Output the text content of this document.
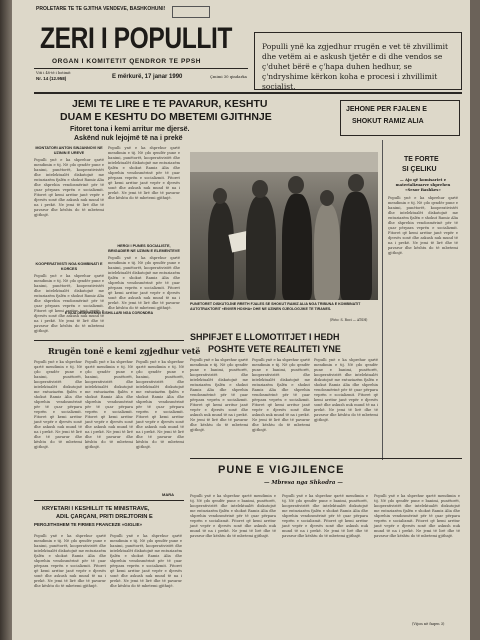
PROLETARE TE TE GJITHA VENDEVE, BASHKOHUNI!
ZERI I POPULLIT
ORGAN I KOMITETIT QENDROR TE PPSH
Viti i 48-të i botimit
Nr. 14 (12.958)	E mërkurë, 17 janar 1990	Çmimi 30 qindarka
Populli ynë ka zgjedhur rrugën e vet të zhvillimit dhe vetëm ai e askush tjetër e di dhe vendos se ç'duhet bërë e ç'hapa duhen hedhur, se ç'ndryshime kërkon koha e procesi i zhvillimit socialist.
JEMI TE LIRE E TE PAVARUR, KESHTU
DUAM E KESHTU DO MBETEMI GJITHNJE
Fitoret tona i kemi arritur me djersë.
Askënd nuk lejojmë të na i prekë
JEHONE PER FJALEN E
SHOKUT RAMIZ ALIA
MONTATORI ANTON SINJANNOVI NE UZININ E UREVE
Populli ynë e ka shprehur qartë mendimin e tij. Në çdo qendër pune e banimi, punëtorët, kooperativistët dhe intelektualët diskutojnë me entuziazëm fjalën e shokut Ramiz Alia dhe shprehin vendosmërinë për të çuar përpara veprën e socializmit. Fitoret që kemi arritur janë vepër e djersës sonë dhe askush nuk mund të na i prekë. Ne jemi të lirë dhe të pavarur dhe kështu do të mbetemi gjithnjë.
KOOPERATIVISTI NGA KOMBINATI E KORCES
Populli ynë e ka shprehur qartë mendimin e tij. Në çdo qendër pune e banimi, punëtorët, kooperativistët dhe intelektualët diskutojnë me entuziazëm fjalën e shokut Ramiz Alia dhe shprehin vendosmërinë për të çuar përpara veprën e socializmit. Fitoret që kemi arritur janë vepër e djersës sonë dhe askush nuk mund të na i prekë. Ne jemi të lirë dhe të pavarur dhe kështu do të mbetemi gjithnjë.
Populli ynë e ka shprehur qartë mendimin e tij. Në çdo qendër pune e banimi, punëtorët, kooperativistët dhe intelektualët diskutojnë me entuziazëm fjalën e shokut Ramiz Alia dhe shprehin vendosmërinë për të çuar përpara veprën e socializmit. Fitoret që kemi arritur janë vepër e djersës sonë dhe askush nuk mund të na i prekë. Ne jemi të lirë dhe të pavarur dhe kështu do të mbetemi gjithnjë.
HEROI I PUNES SOCIALISTE, BRIGADIER NE UZININ E ELEMENTEVE
Populli ynë e ka shprehur qartë mendimin e tij. Në çdo qendër pune e banimi, punëtorët, kooperativistët dhe intelektualët diskutojnë me entuziazëm fjalën e shokut Ramiz Alia dhe shprehin vendosmërinë për të çuar përpara veprën e socializmit. Fitoret që kemi arritur janë vepër e djersës sonë dhe askush nuk mund të na i prekë. Ne jemi të lirë dhe të pavarur dhe kështu do të mbetemi gjithnjë.
E BIJA DEMIRHEMMI KISHILLARI NGA CORONDRA
PUNETORET DISKUTOJNE RRETH FJALES SE SHOKUT RAMIZ ALIA NGA TRIBUNA E KOMBINATIT AUTOTRAKTORIT «ENVER HOXHA» DHE NE UZINEN GJEOLOGJIKE TE TIRANES.
(Foto: S. Roci — ATSH)
TE FORTE
SI ÇELIKU
— Ajo që komisariet e materializuarve shprehen «Sesor Bashkes»
Populli ynë e ka shprehur qartë mendimin e tij. Në çdo qendër pune e banimi, punëtorët, kooperativistët dhe intelektualët diskutojnë me entuziazëm fjalën e shokut Ramiz Alia dhe shprehin vendosmërinë për të çuar përpara veprën e socializmit. Fitoret që kemi arritur janë vepër e djersës sonë dhe askush nuk mund të na i prekë. Ne jemi të lirë dhe të pavarur dhe kështu do të mbetemi gjithnjë.
SHPIFJET E LLOMOTITJET I HEDH
POSHTE VETE REALITETI YNE
Populli ynë e ka shprehur qartë mendimin e tij. Në çdo qendër pune e banimi, punëtorët, kooperativistët dhe intelektualët diskutojnë me entuziazëm fjalën e shokut Ramiz Alia dhe shprehin vendosmërinë për të çuar përpara veprën e socializmit. Fitoret që kemi arritur janë vepër e djersës sonë dhe askush nuk mund të na i prekë. Ne jemi të lirë dhe të pavarur dhe kështu do të mbetemi gjithnjë.
Populli ynë e ka shprehur qartë mendimin e tij. Në çdo qendër pune e banimi, punëtorët, kooperativistët dhe intelektualët diskutojnë me entuziazëm fjalën e shokut Ramiz Alia dhe shprehin vendosmërinë për të çuar përpara veprën e socializmit. Fitoret që kemi arritur janë vepër e djersës sonë dhe askush nuk mund të na i prekë. Ne jemi të lirë dhe të pavarur dhe kështu do të mbetemi gjithnjë.
Populli ynë e ka shprehur qartë mendimin e tij. Në çdo qendër pune e banimi, punëtorët, kooperativistët dhe intelektualët diskutojnë me entuziazëm fjalën e shokut Ramiz Alia dhe shprehin vendosmërinë për të çuar përpara veprën e socializmit. Fitoret që kemi arritur janë vepër e djersës sonë dhe askush nuk mund të na i prekë. Ne jemi të lirë dhe të pavarur dhe kështu do të mbetemi gjithnjë.
Rrugën tonë e kemi zgjedhur vetë
Populli ynë e ka shprehur qartë mendimin e tij. Në çdo qendër pune e banimi, punëtorët, kooperativistët dhe intelektualët diskutojnë me entuziazëm fjalën e shokut Ramiz Alia dhe shprehin vendosmërinë për të çuar përpara veprën e socializmit. Fitoret që kemi arritur janë vepër e djersës sonë dhe askush nuk mund të na i prekë. Ne jemi të lirë dhe të pavarur dhe kështu do të mbetemi gjithnjë.
Populli ynë e ka shprehur qartë mendimin e tij. Në çdo qendër pune e banimi, punëtorët, kooperativistët dhe intelektualët diskutojnë me entuziazëm fjalën e shokut Ramiz Alia dhe shprehin vendosmërinë për të çuar përpara veprën e socializmit. Fitoret që kemi arritur janë vepër e djersës sonë dhe askush nuk mund të na i prekë. Ne jemi të lirë dhe të pavarur dhe kështu do të mbetemi gjithnjë.
Populli ynë e ka shprehur qartë mendimin e tij. Në çdo qendër pune e banimi, punëtorët, kooperativistët dhe intelektualët diskutojnë me entuziazëm fjalën e shokut Ramiz Alia dhe shprehin vendosmërinë për të çuar përpara veprën e socializmit. Fitoret që kemi arritur janë vepër e djersës sonë dhe askush nuk mund të na i prekë. Ne jemi të lirë dhe të pavarur dhe kështu do të mbetemi gjithnjë.
MARA
PUNE E VIGJILENCE
— Mbresa nga Shkodra —
Populli ynë e ka shprehur qartë mendimin e tij. Në çdo qendër pune e banimi, punëtorët, kooperativistët dhe intelektualët diskutojnë me entuziazëm fjalën e shokut Ramiz Alia dhe shprehin vendosmërinë për të çuar përpara veprën e socializmit. Fitoret që kemi arritur janë vepër e djersës sonë dhe askush nuk mund të na i prekë. Ne jemi të lirë dhe të pavarur dhe kështu do të mbetemi gjithnjë.
Populli ynë e ka shprehur qartë mendimin e tij. Në çdo qendër pune e banimi, punëtorët, kooperativistët dhe intelektualët diskutojnë me entuziazëm fjalën e shokut Ramiz Alia dhe shprehin vendosmërinë për të çuar përpara veprën e socializmit. Fitoret që kemi arritur janë vepër e djersës sonë dhe askush nuk mund të na i prekë. Ne jemi të lirë dhe të pavarur dhe kështu do të mbetemi gjithnjë.
Populli ynë e ka shprehur qartë mendimin e tij. Në çdo qendër pune e banimi, punëtorët, kooperativistët dhe intelektualët diskutojnë me entuziazëm fjalën e shokut Ramiz Alia dhe shprehin vendosmërinë për të çuar përpara veprën e socializmit. Fitoret që kemi arritur janë vepër e djersës sonë dhe askush nuk mund të na i prekë. Ne jemi të lirë dhe të pavarur dhe kështu do të mbetemi gjithnjë.
(Vijon në faqen 3)
KRYETARI I KESHILLIT TE MINISTRAVE,
ADIL ÇARÇANI, PRITI DREJTORIN E
PERGJITHSHEM TE FIRMES FRANCEZE «GIGLIE»
Populli ynë e ka shprehur qartë mendimin e tij. Në çdo qendër pune e banimi, punëtorët, kooperativistët dhe intelektualët diskutojnë me entuziazëm fjalën e shokut Ramiz Alia dhe shprehin vendosmërinë për të çuar përpara veprën e socializmit. Fitoret që kemi arritur janë vepër e djersës sonë dhe askush nuk mund të na i prekë. Ne jemi të lirë dhe të pavarur dhe kështu do të mbetemi gjithnjë.
Populli ynë e ka shprehur qartë mendimin e tij. Në çdo qendër pune e banimi, punëtorët, kooperativistët dhe intelektualët diskutojnë me entuziazëm fjalën e shokut Ramiz Alia dhe shprehin vendosmërinë për të çuar përpara veprën e socializmit. Fitoret që kemi arritur janë vepër e djersës sonë dhe askush nuk mund të na i prekë. Ne jemi të lirë dhe të pavarur dhe kështu do të mbetemi gjithnjë.
